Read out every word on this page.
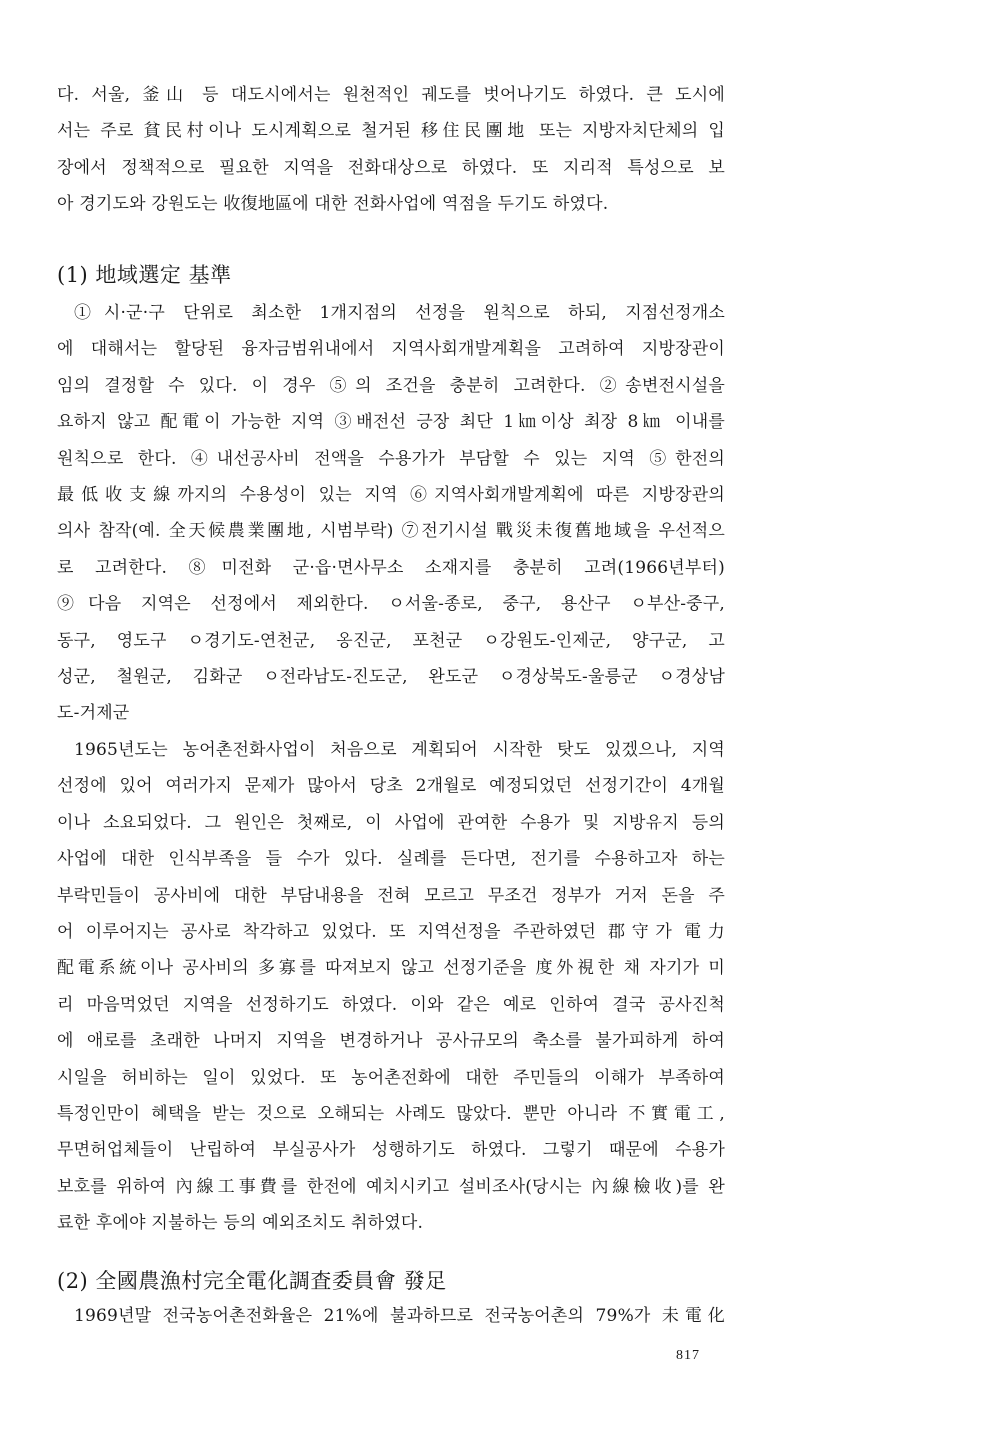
다. 서울, 釜山 등 대도시에서는 원천적인 궤도를 벗어나기도 하였다. 큰 도시에
서는 주로 貧民村이나 도시계획으로 철거된 移住民團地 또는 지방자치단체의 입
장에서 정책적으로 필요한 지역을 전화대상으로 하였다. 또 지리적 특성으로 보
아 경기도와 강원도는 收復地區에 대한 전화사업에 역점을 두기도 하였다.
(1) 地域選定 基準
①시·군·구 단위로 최소한 1개지점의 선정을 원칙으로 하되, 지점선정개소
에 대해서는 할당된 융자금범위내에서 지역사회개발계획을 고려하여 지방장관이
임의 결정할 수 있다. 이 경우 ⑤의 조건을 충분히 고려한다. ②송변전시설을
요하지 않고 配電이 가능한 지역 ③배전선 긍장 최단 1㎞이상 최장 8㎞ 이내를
원칙으로 한다. ④내선공사비 전액을 수용가가 부담할 수 있는 지역 ⑤한전의
最低收支線까지의 수용성이 있는 지역 ⑥지역사회개발계획에 따른 지방장관의
의사 참작(예. 全天候農業團地, 시범부락) ⑦전기시설 戰災未復舊地域을 우선적으
로 고려한다. ⑧미전화 군·읍·면사무소 소재지를 충분히 고려(1966년부터)
⑨다음 지역은 선정에서 제외한다. ㅇ서울-종로, 중구, 용산구 ㅇ부산-중구,
동구, 영도구 ㅇ경기도-연천군, 옹진군, 포천군 ㅇ강원도-인제군, 양구군, 고
성군, 철원군, 김화군 ㅇ전라남도-진도군, 완도군 ㅇ경상북도-울릉군 ㅇ경상남
도-거제군
1965년도는 농어촌전화사업이 처음으로 계획되어 시작한 탓도 있겠으나, 지역
선정에 있어 여러가지 문제가 많아서 당초 2개월로 예정되었던 선정기간이 4개월
이나 소요되었다. 그 원인은 첫째로, 이 사업에 관여한 수용가 및 지방유지 등의
사업에 대한 인식부족을 들 수가 있다. 실례를 든다면, 전기를 수용하고자 하는
부락민들이 공사비에 대한 부담내용을 전혀 모르고 무조건 정부가 거저 돈을 주
어 이루어지는 공사로 착각하고 있었다. 또 지역선정을 주관하였던 郡守가 電力
配電系統이나 공사비의 多寡를 따져보지 않고 선정기준을 度外視한 채 자기가 미
리 마음먹었던 지역을 선정하기도 하였다. 이와 같은 예로 인하여 결국 공사진척
에 애로를 초래한 나머지 지역을 변경하거나 공사규모의 축소를 불가피하게 하여
시일을 허비하는 일이 있었다. 또 농어촌전화에 대한 주민들의 이해가 부족하여
특정인만이 혜택을 받는 것으로 오해되는 사례도 많았다. 뿐만 아니라 不實電工,
무면허업체들이 난립하여 부실공사가 성행하기도 하였다. 그렇기 때문에 수용가
보호를 위하여 內線工事費를 한전에 예치시키고 설비조사(당시는 內線檢收)를 완
료한 후에야 지불하는 등의 예외조치도 취하였다.
(2) 全國農漁村完全電化調査委員會 發足
1969년말 전국농어촌전화율은 21%에 불과하므로 전국농어촌의 79%가 未電化
817
